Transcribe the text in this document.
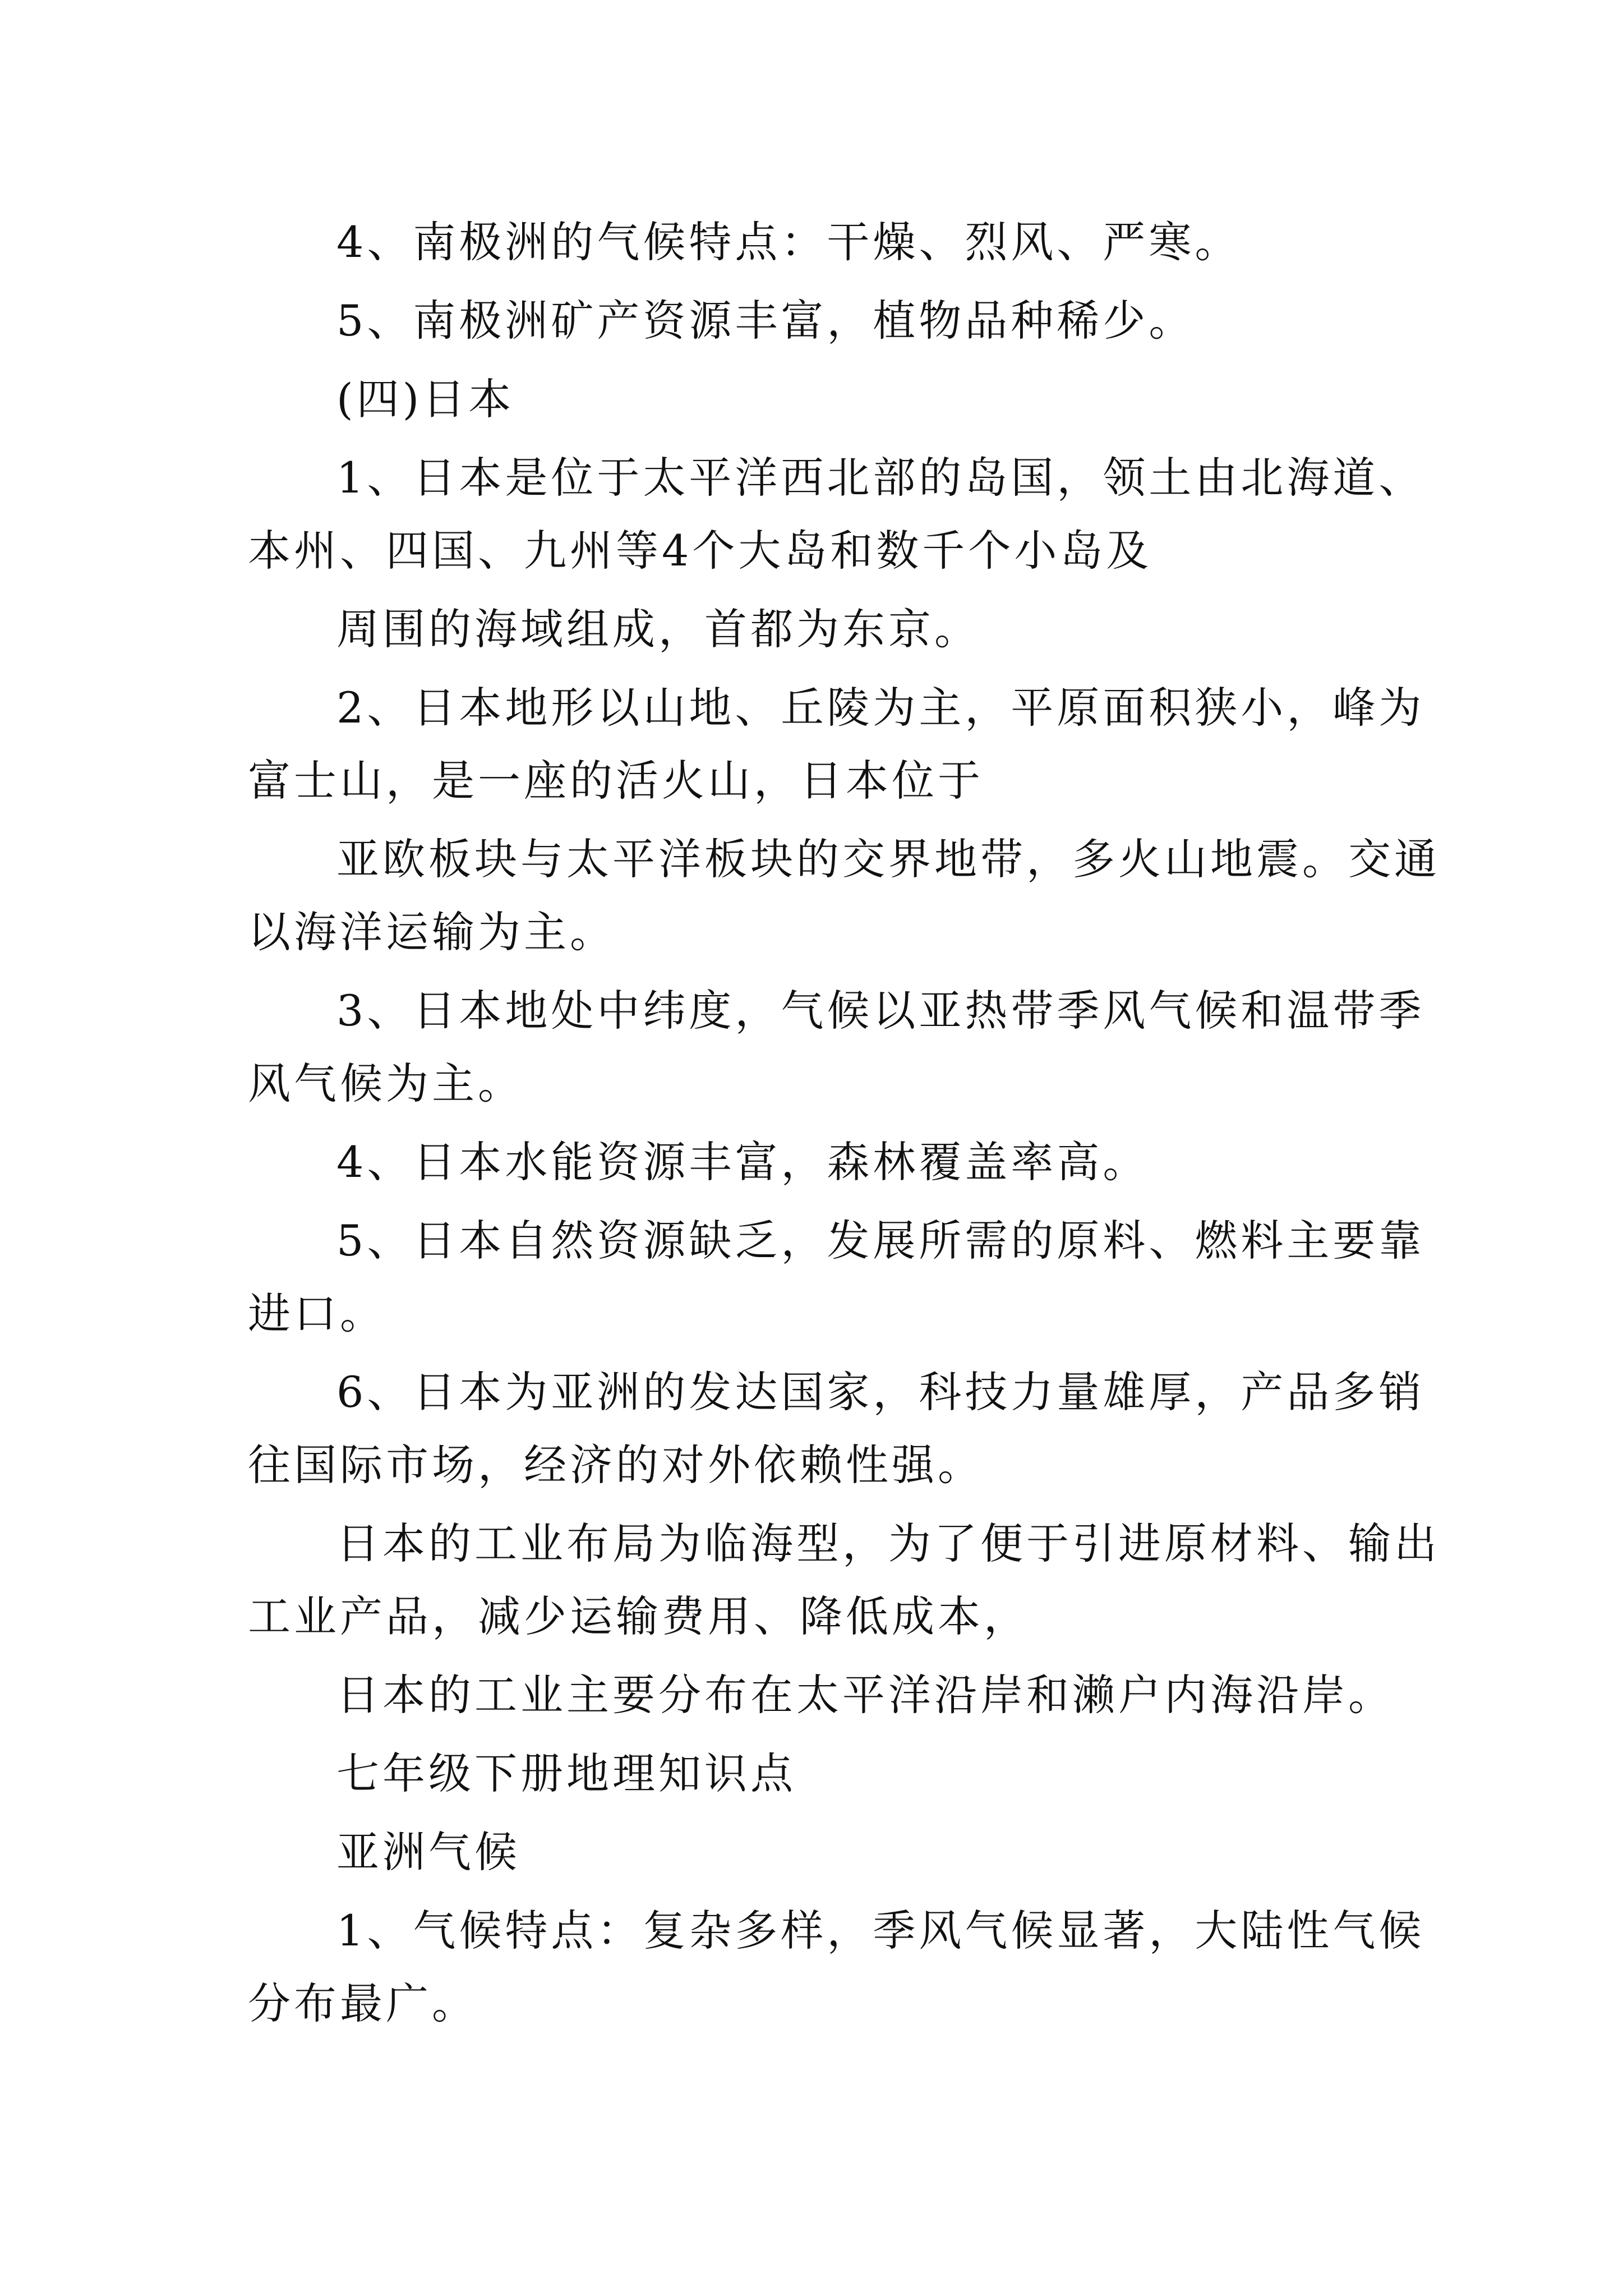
4、南极洲的气候特点：干燥、烈风、严寒。
5、南极洲矿产资源丰富，植物品种稀少。
(四)日本
1、日本是位于太平洋西北部的岛国，领土由北海道、
本州、四国、九州等4个大岛和数千个小岛及
周围的海域组成，首都为东京。
2、日本地形以山地、丘陵为主，平原面积狭小，峰为
富士山，是一座的活火山，日本位于
亚欧板块与太平洋板块的交界地带，多火山地震。交通
以海洋运输为主。
3、日本地处中纬度，气候以亚热带季风气候和温带季
风气候为主。
4、日本水能资源丰富，森林覆盖率高。
5、日本自然资源缺乏，发展所需的原料、燃料主要靠
进口。
6、日本为亚洲的发达国家，科技力量雄厚，产品多销
往国际市场，经济的对外依赖性强。
日本的工业布局为临海型，为了便于引进原材料、输出
工业产品，减少运输费用、降低成本，
日本的工业主要分布在太平洋沿岸和濑户内海沿岸。
七年级下册地理知识点
亚洲气候
1、气候特点：复杂多样，季风气候显著，大陆性气候
分布最广。
